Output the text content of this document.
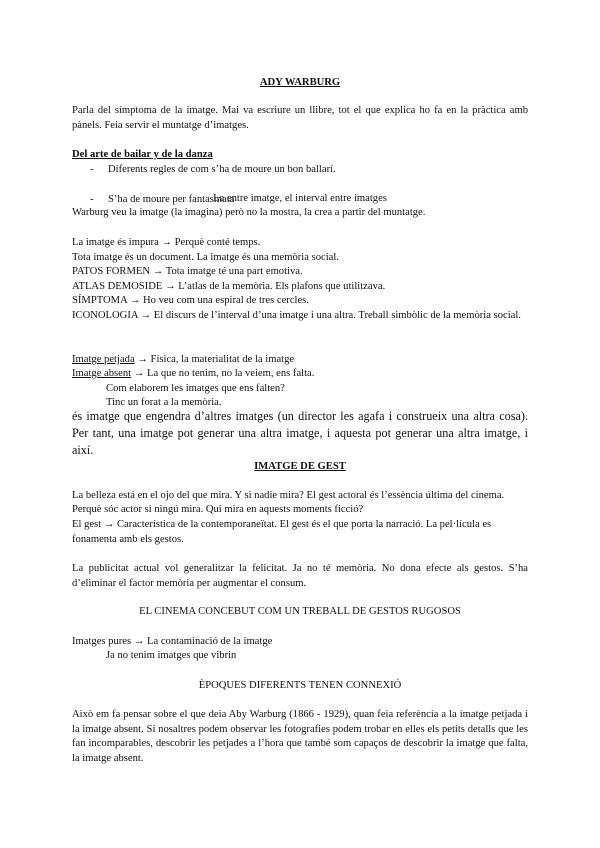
ADY WARBURG

Parla del símptoma de la imatge. Mai va escriure un llibre, tot el que explica ho fa en la pràctica amb pànels. Feia servir el muntatge d’imatges.

Del arte de bailar y de la danza
- Diferents regles de com s’ha de moure un bon ballarí.
- S’ha de moure per fantasmata
La entre imatge, el interval entre imatges
Warburg veu la imatge (la imagina) però no la mostra, la crea a partir del muntatge.
La imatge és impura → Perquè conté temps.
Tota imatge és un document. La imatge és una memòria social.
PATOS FORMEN → Tota imatge té una part emotiva.
ATLAS DEMOSIDE → L’atlas de la memòria. Els plafons que utilitzava.
SÍMPTOMA → Ho veu com una espiral de tres cercles.

ICONOLOGIA → El discurs de l’interval d’una imatge i una altra. Treball simbòlic de la memòria social.

Imatge petjada → Física, la materialitat de la imatge
Imatge absent → La que no tenim, no la veiem, ens falta.
Com elaborem les imatges que ens falten?
Tinc un forat a la memòria.

és imatge que engendra d’altres imatges (un director les agafa i construeix una altra cosa). Per tant, una imatge pot generar una altra imatge, i aquesta pot generar una altra imatge, i així.

IMATGE DE GEST
La belleza está en el ojo del que mira. Y si nadie mira? El gest actoral és l’essència última del cinema.
Perquè sóc actor si ningú mira. Qui mira en aquests moments ficció?

El gest → Característica de la contemporaneïtat. El gest és el que porta la narració. La pel·lícula es fonamenta amb els gestos.

La publicitat actual vol generalitzar la felicitat. Ja no té memòria. No dona efecte als gestos. S’ha d’eliminar el factor memòria per augmentar el consum.

EL CINEMA CONCEBUT COM UN TREBALL DE GESTOS RUGOSOS
Imatges pures → La contaminació de la imatge
Ja no tenim imatges que vibrin
ÈPOQUES DIFERENTS TENEN CONNEXIÓ

Això em fa pensar sobre el que deia Aby Warburg (1866 - 1929), quan feia referència a la imatge petjada i la imatge absent. Si nosaltres podem observar les fotografies podem trobar en elles els petits detalls que les fan incomparables, descobrir les petjades a l’hora que també som capaços de descobrir la imatge que falta, la imatge absent.
